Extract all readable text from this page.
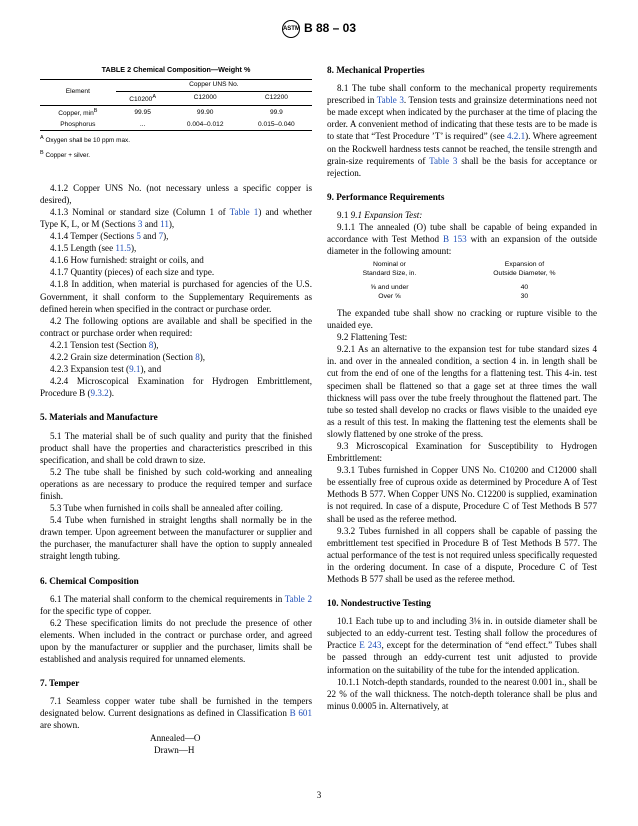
ASTM B 88 – 03
TABLE 2 Chemical Composition—Weight %
Element	Copper UNS No.		
	$C10200^A$	C12000	C12200
Copper, $\min^B$	99.95	99.90	99.9
Phosphorus	...	0.004–0.012	0.015–0.040
$^A$ Oxygen shall be 10 ppm max.
$^B$ Copper + silver.

4.1.2 Copper UNS No. (not necessary unless a specific copper is desired),

4.1.3 Nominal or standard size (Column 1 of Table 1) and whether Type K, L, or M (Sections 3 and 11),

4.1.4 Temper (Sections 5 and 7),

4.1.5 Length (see 11.5),

4.1.6 How furnished: straight or coils, and

4.1.7 Quantity (pieces) of each size and type.

4.1.8 In addition, when material is purchased for agencies of the U.S. Government, it shall conform to the Supplementary Requirements as defined herein when specified in the contract or purchase order.

4.2 The following options are available and shall be specified in the contract or purchase order when required:

4.2.1 Tension test (Section 8),

4.2.2 Grain size determination (Section 8),

4.2.3 Expansion test (9.1), and

4.2.4 Microscopical Examination for Hydrogen Embrittlement, Procedure B (9.3.2).

5. Materials and Manufacture

5.1 The material shall be of such quality and purity that the finished product shall have the properties and characteristics prescribed in this specification, and shall be cold drawn to size.

5.2 The tube shall be finished by such cold-working and annealing operations as are necessary to produce the required temper and surface finish.

5.3 Tube when furnished in coils shall be annealed after coiling.

5.4 Tube when furnished in straight lengths shall normally be in the drawn temper. Upon agreement between the manufacturer or supplier and the purchaser, the manufacturer shall have the option to supply annealed straight length tubing.

6. Chemical Composition

6.1 The material shall conform to the chemical requirements in Table 2 for the specific type of copper.

6.2 These specification limits do not preclude the presence of other elements. When included in the contract or purchase order, and agreed upon by the manufacturer or supplier and the purchaser, limits shall be established and analysis required for unnamed elements.

7. Temper

7.1 Seamless copper water tube shall be furnished in the tempers designated below. Current designations as defined in Classification B 601 are shown.

Annealed—O
Drawn—H
8. Mechanical Properties

8.1 The tube shall conform to the mechanical property requirements prescribed in Table 3. Tension tests and grainsize determinations need not be made except when indicated by the purchaser at the time of placing the order. A convenient method of indicating that these tests are to be made is to state that “Test Procedure ’T’ is required” (see 4.2.1). Where agreement on the Rockwell hardness tests cannot be reached, the tensile strength and grain-size requirements of Table 3 shall be the basis for acceptance or rejection.

9. Performance Requirements

9.1 9.1 Expansion Test:

9.1.1 The annealed (O) tube shall be capable of being expanded in accordance with Test Method B 153 with an expansion of the outside diameter in the following amount:

Nominal or	Expansion of
Standard Size, in.	Outside Diameter, %

⅝ and under	40
Over ⅝	30

The expanded tube shall show no cracking or rupture visible to the unaided eye.

9.2 Flattening Test:

9.2.1 As an alternative to the expansion test for tube standard sizes 4 in. and over in the annealed condition, a section 4 in. in length shall be cut from the end of one of the lengths for a flattening test. This 4-in. test specimen shall be flattened so that a gage set at three times the wall thickness will pass over the tube freely throughout the flattened part. The tube so tested shall develop no cracks or flaws visible to the unaided eye as a result of this test. In making the flattening test the elements shall be slowly flattened by one stroke of the press.

9.3 Microscopical Examination for Susceptibility to Hydrogen Embrittlement:

9.3.1 Tubes furnished in Copper UNS No. C10200 and C12000 shall be essentially free of cuprous oxide as determined by Procedure A of Test Methods B 577. When Copper UNS No. C12200 is supplied, examination is not required. In case of a dispute, Procedure C of Test Methods B 577 shall be used as the referee method.

9.3.2 Tubes furnished in all coppers shall be capable of passing the embrittlement test specified in Procedure B of Test Methods B 577. The actual performance of the test is not required unless specifically requested in the ordering document. In case of a dispute, Procedure C of Test Methods B 577 shall be used as the referee method.

10. Nondestructive Testing

10.1 Each tube up to and including 3⅛ in. in outside diameter shall be subjected to an eddy-current test. Testing shall follow the procedures of Practice E 243, except for the determination of “end effect.” Tubes shall be passed through an eddy-current test unit adjusted to provide information on the suitability of the tube for the intended application.

10.1.1 Notch-depth standards, rounded to the nearest 0.001 in., shall be 22 % of the wall thickness. The notch-depth tolerance shall be plus and minus 0.0005 in. Alternatively, at

3
